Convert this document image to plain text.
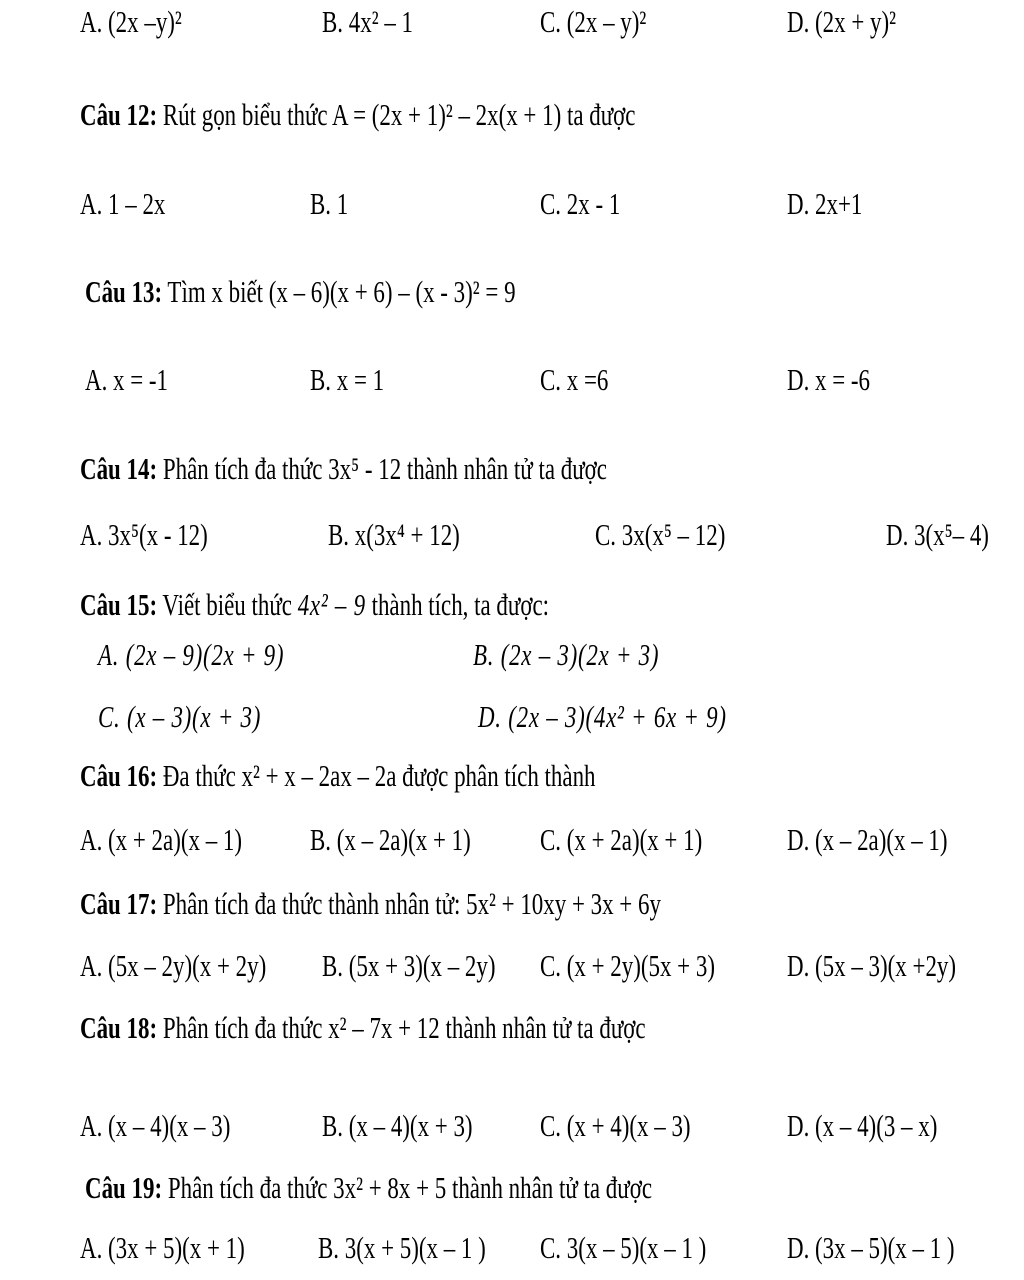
A. (2x –y)²	B. 4x² – 1	C. (2x – y)²	D. (2x + y)²
Câu 12: Rút gọn biểu thức A = (2x + 1)² – 2x(x + 1) ta được
A. 1 – 2x	B. 1	C. 2x - 1	D. 2x+1
Câu 13: Tìm x biết (x – 6)(x + 6) – (x - 3)² = 9
A. x = -1	B. x = 1	C. x =6	D. x = -6
Câu 14: Phân tích đa thức 3x⁵ - 12 thành nhân tử ta được
A. 3x⁵(x - 12)	B. x(3x⁴ + 12)	C. 3x(x⁵ – 12)	D. 3(x⁵– 4)
Câu 15: Viết biểu thức 4x² – 9 thành tích, ta được:
A. (2x – 9)(2x + 9)	B. (2x – 3)(2x + 3)
C. (x – 3)(x + 3)	D. (2x – 3)(4x² + 6x + 9)
Câu 16: Đa thức x² + x – 2ax – 2a được phân tích thành
A. (x + 2a)(x – 1) B. (x – 2a)(x + 1) C. (x + 2a)(x + 1)	D. (x – 2a)(x – 1)
Câu 17: Phân tích đa thức thành nhân tử: 5x² + 10xy + 3x + 6y
A. (5x – 2y)(x + 2y) B. (5x + 3)(x – 2y) C. (x + 2y)(5x + 3) D. (5x – 3)(x +2y)
Câu 18: Phân tích đa thức x² – 7x + 12 thành nhân tử ta được
A. (x – 4)(x – 3)	B. (x – 4)(x + 3) C. (x + 4)(x – 3)	D. (x – 4)(3 – x)
Câu 19: Phân tích đa thức 3x² + 8x + 5 thành nhân tử ta được
A. (3x + 5)(x + 1) B. 3(x + 5)(x – 1 ) C. 3(x – 5)(x – 1 )	D. (3x – 5)(x – 1 )
